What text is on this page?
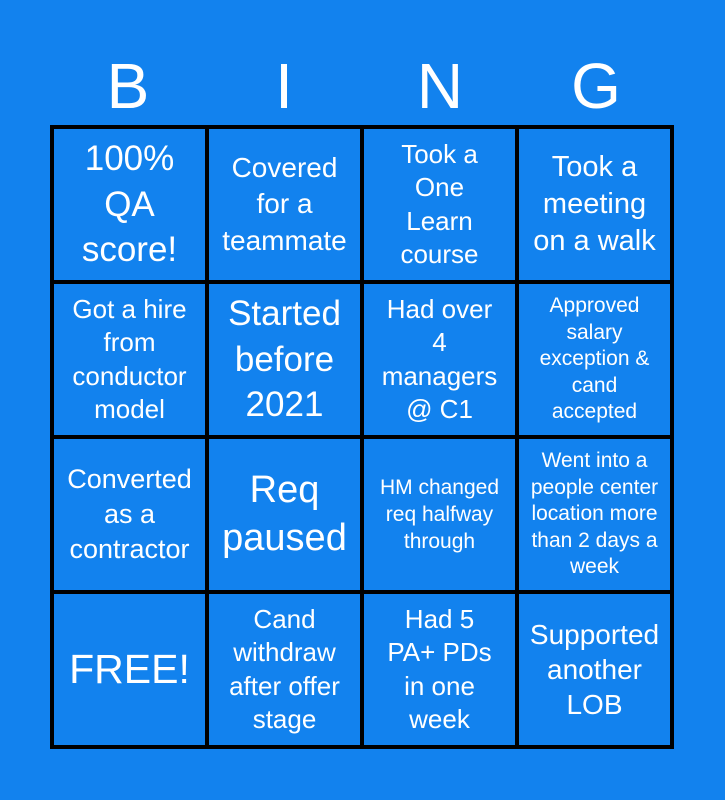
B	I	N	G
100%
QA
score!
Covered
for a
teammate
Took a
One
Learn
course
Took a
meeting
on a walk
Got a hire
from
conductor
model
Started
before
2021
Had over
4
managers
@ C1
Approved
salary
exception &
cand
accepted
Converted
as a
contractor
Req
paused
HM changed
req halfway
through
Went into a
people center
location more
than 2 days a
week
FREE!
Cand
withdraw
after offer
stage
Had 5
PA+ PDs
in one
week
Supported
another
LOB
